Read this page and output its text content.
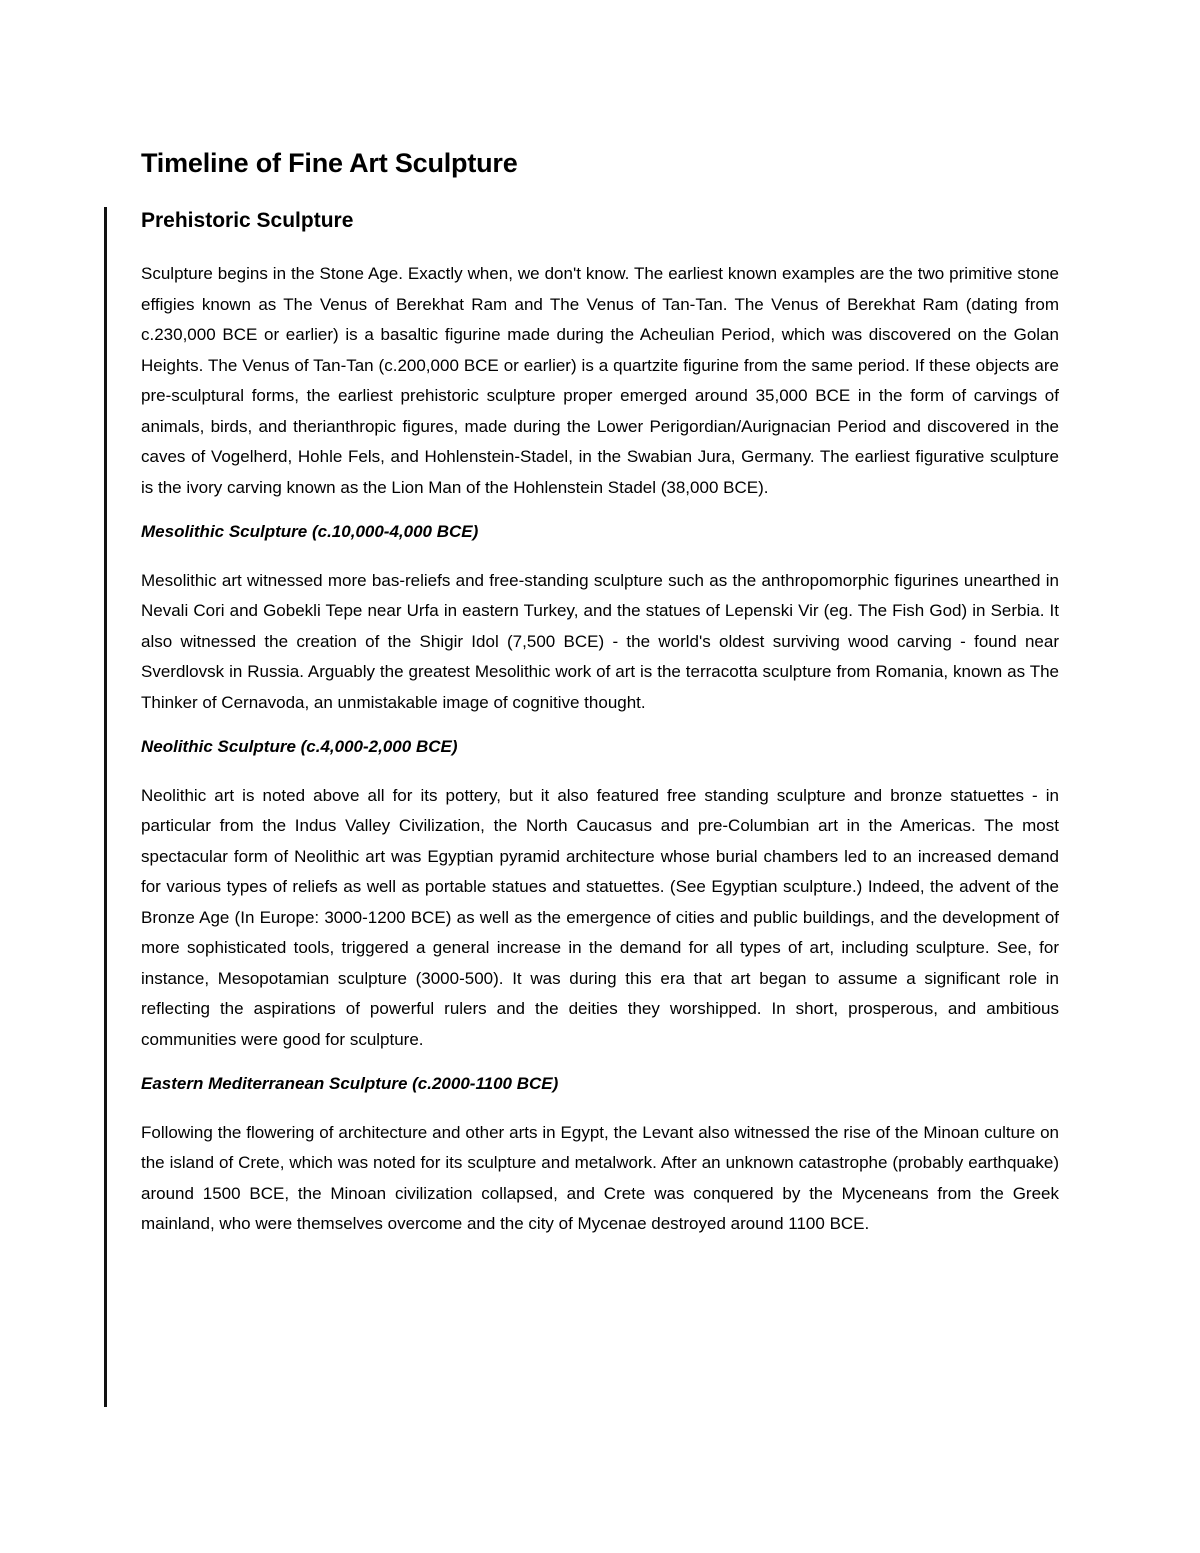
Timeline of Fine Art Sculpture
Prehistoric Sculpture

Sculpture begins in the Stone Age. Exactly when, we don't know. The earliest known examples are the two primitive stone effigies known as The Venus of Berekhat Ram and The Venus of Tan-Tan. The Venus of Berekhat Ram (dating from c.230,000 BCE or earlier) is a basaltic figurine made during the Acheulian Period, which was discovered on the Golan Heights. The Venus of Tan-Tan (c.200,000 BCE or earlier) is a quartzite figurine from the same period. If these objects are pre-sculptural forms, the earliest prehistoric sculpture proper emerged around 35,000 BCE in the form of carvings of animals, birds, and therianthropic figures, made during the Lower Perigordian/Aurignacian Period and discovered in the caves of Vogelherd, Hohle Fels, and Hohlenstein-Stadel, in the Swabian Jura, Germany. The earliest figurative sculpture is the ivory carving known as the Lion Man of the Hohlenstein Stadel (38,000 BCE).

Mesolithic Sculpture (c.10,000-4,000 BCE)

Mesolithic art witnessed more bas-reliefs and free-standing sculpture such as the anthropomorphic figurines unearthed in Nevali Cori and Gobekli Tepe near Urfa in eastern Turkey, and the statues of Lepenski Vir (eg. The Fish God) in Serbia. It also witnessed the creation of the Shigir Idol (7,500 BCE) - the world's oldest surviving wood carving - found near Sverdlovsk in Russia. Arguably the greatest Mesolithic work of art is the terracotta sculpture from Romania, known as The Thinker of Cernavoda, an unmistakable image of cognitive thought.

Neolithic Sculpture (c.4,000-2,000 BCE)

Neolithic art is noted above all for its pottery, but it also featured free standing sculpture and bronze statuettes - in particular from the Indus Valley Civilization, the North Caucasus and pre-Columbian art in the Americas. The most spectacular form of Neolithic art was Egyptian pyramid architecture whose burial chambers led to an increased demand for various types of reliefs as well as portable statues and statuettes. (See Egyptian sculpture.) Indeed, the advent of the Bronze Age (In Europe: 3000-1200 BCE) as well as the emergence of cities and public buildings, and the development of more sophisticated tools, triggered a general increase in the demand for all types of art, including sculpture. See, for instance, Mesopotamian sculpture (3000-500). It was during this era that art began to assume a significant role in reflecting the aspirations of powerful rulers and the deities they worshipped. In short, prosperous, and ambitious communities were good for sculpture.

Eastern Mediterranean Sculpture (c.2000-1100 BCE)

Following the flowering of architecture and other arts in Egypt, the Levant also witnessed the rise of the Minoan culture on the island of Crete, which was noted for its sculpture and metalwork. After an unknown catastrophe (probably earthquake) around 1500 BCE, the Minoan civilization collapsed, and Crete was conquered by the Myceneans from the Greek mainland, who were themselves overcome and the city of Mycenae destroyed around 1100 BCE.
